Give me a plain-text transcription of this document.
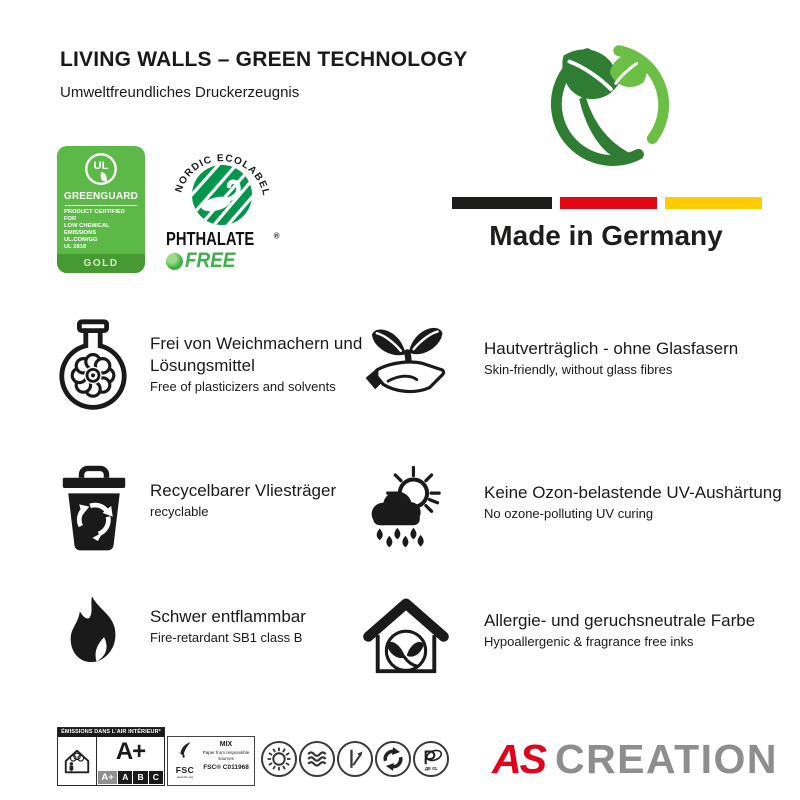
LIVING WALLS – GREEN TECHNOLOGY
Umweltfreundliches Druckerzeugnis
UL
GREENGUARD
PRODUCT CERTIFIED FOR
LOW CHEMICAL EMISSIONS
UL.COM/GG
UL 2818
GOLD
NORDIC ECOLABEL
PHTHALATE ®
FREE
Made in Germany
Frei von Weichmachern und Lösungsmittel
Free of plasticizers and solvents
Hautverträglich - ohne Glasfasern
Skin-friendly, without glass fibres
Recycelbarer Vliesträger
recyclable
Keine Ozon-belastende UV-Aushärtung
No ozone-polluting UV curing
Schwer entflammbar
Fire-retardant SB1 class B
Allergie- und geruchsneutrale Farbe
Hypoallergenic & fragrance free inks
ÉMISSIONS DANS L'AIR INTÉRIEUR*
A+
A+ A	B	C
FSC
www.fsc.org
MIX
Paper from responsible sources
FSC® C011968	ДЕ 01 AS CREATION
